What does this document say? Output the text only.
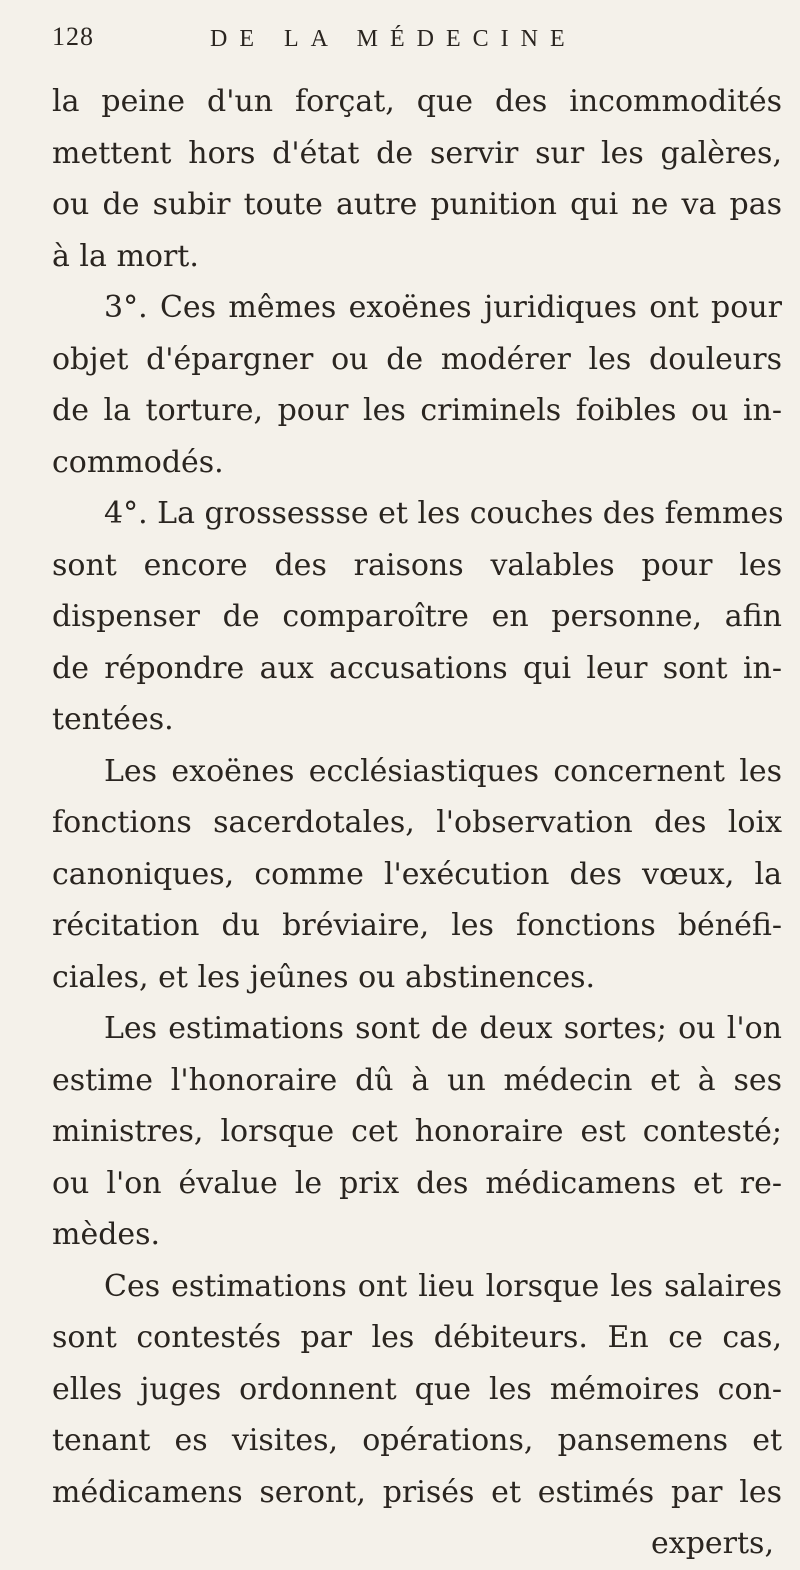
128	DE LA MÉDECINE
la peine d'un forçat, que des incommodités
mettent hors d'état de servir sur les galères,
ou de subir toute autre punition qui ne va pas
à la mort.
3°. Ces mêmes exoënes juridiques ont pour
objet d'épargner ou de modérer les douleurs
de la torture, pour les criminels foibles ou in-
commodés.
4°. La grossessse et les couches des femmes
sont encore des raisons valables pour les
dispenser de comparoître en personne, afin
de répondre aux accusations qui leur sont in-
tentées.
Les exoënes ecclésiastiques concernent les
fonctions sacerdotales, l'observation des loix
canoniques, comme l'exécution des vœux, la
récitation du bréviaire, les fonctions bénéfi-
ciales, et les jeûnes ou abstinences.
Les estimations sont de deux sortes; ou l'on
estime l'honoraire dû à un médecin et à ses
ministres, lorsque cet honoraire est contesté;
ou l'on évalue le prix des médicamens et re-
mèdes.
Ces estimations ont lieu lorsque les salaires
sont contestés par les débiteurs. En ce cas,
elles juges ordonnent que les mémoires con-
tenant es visites, opérations, pansemens et
médicamens seront, prisés et estimés par les
experts,
